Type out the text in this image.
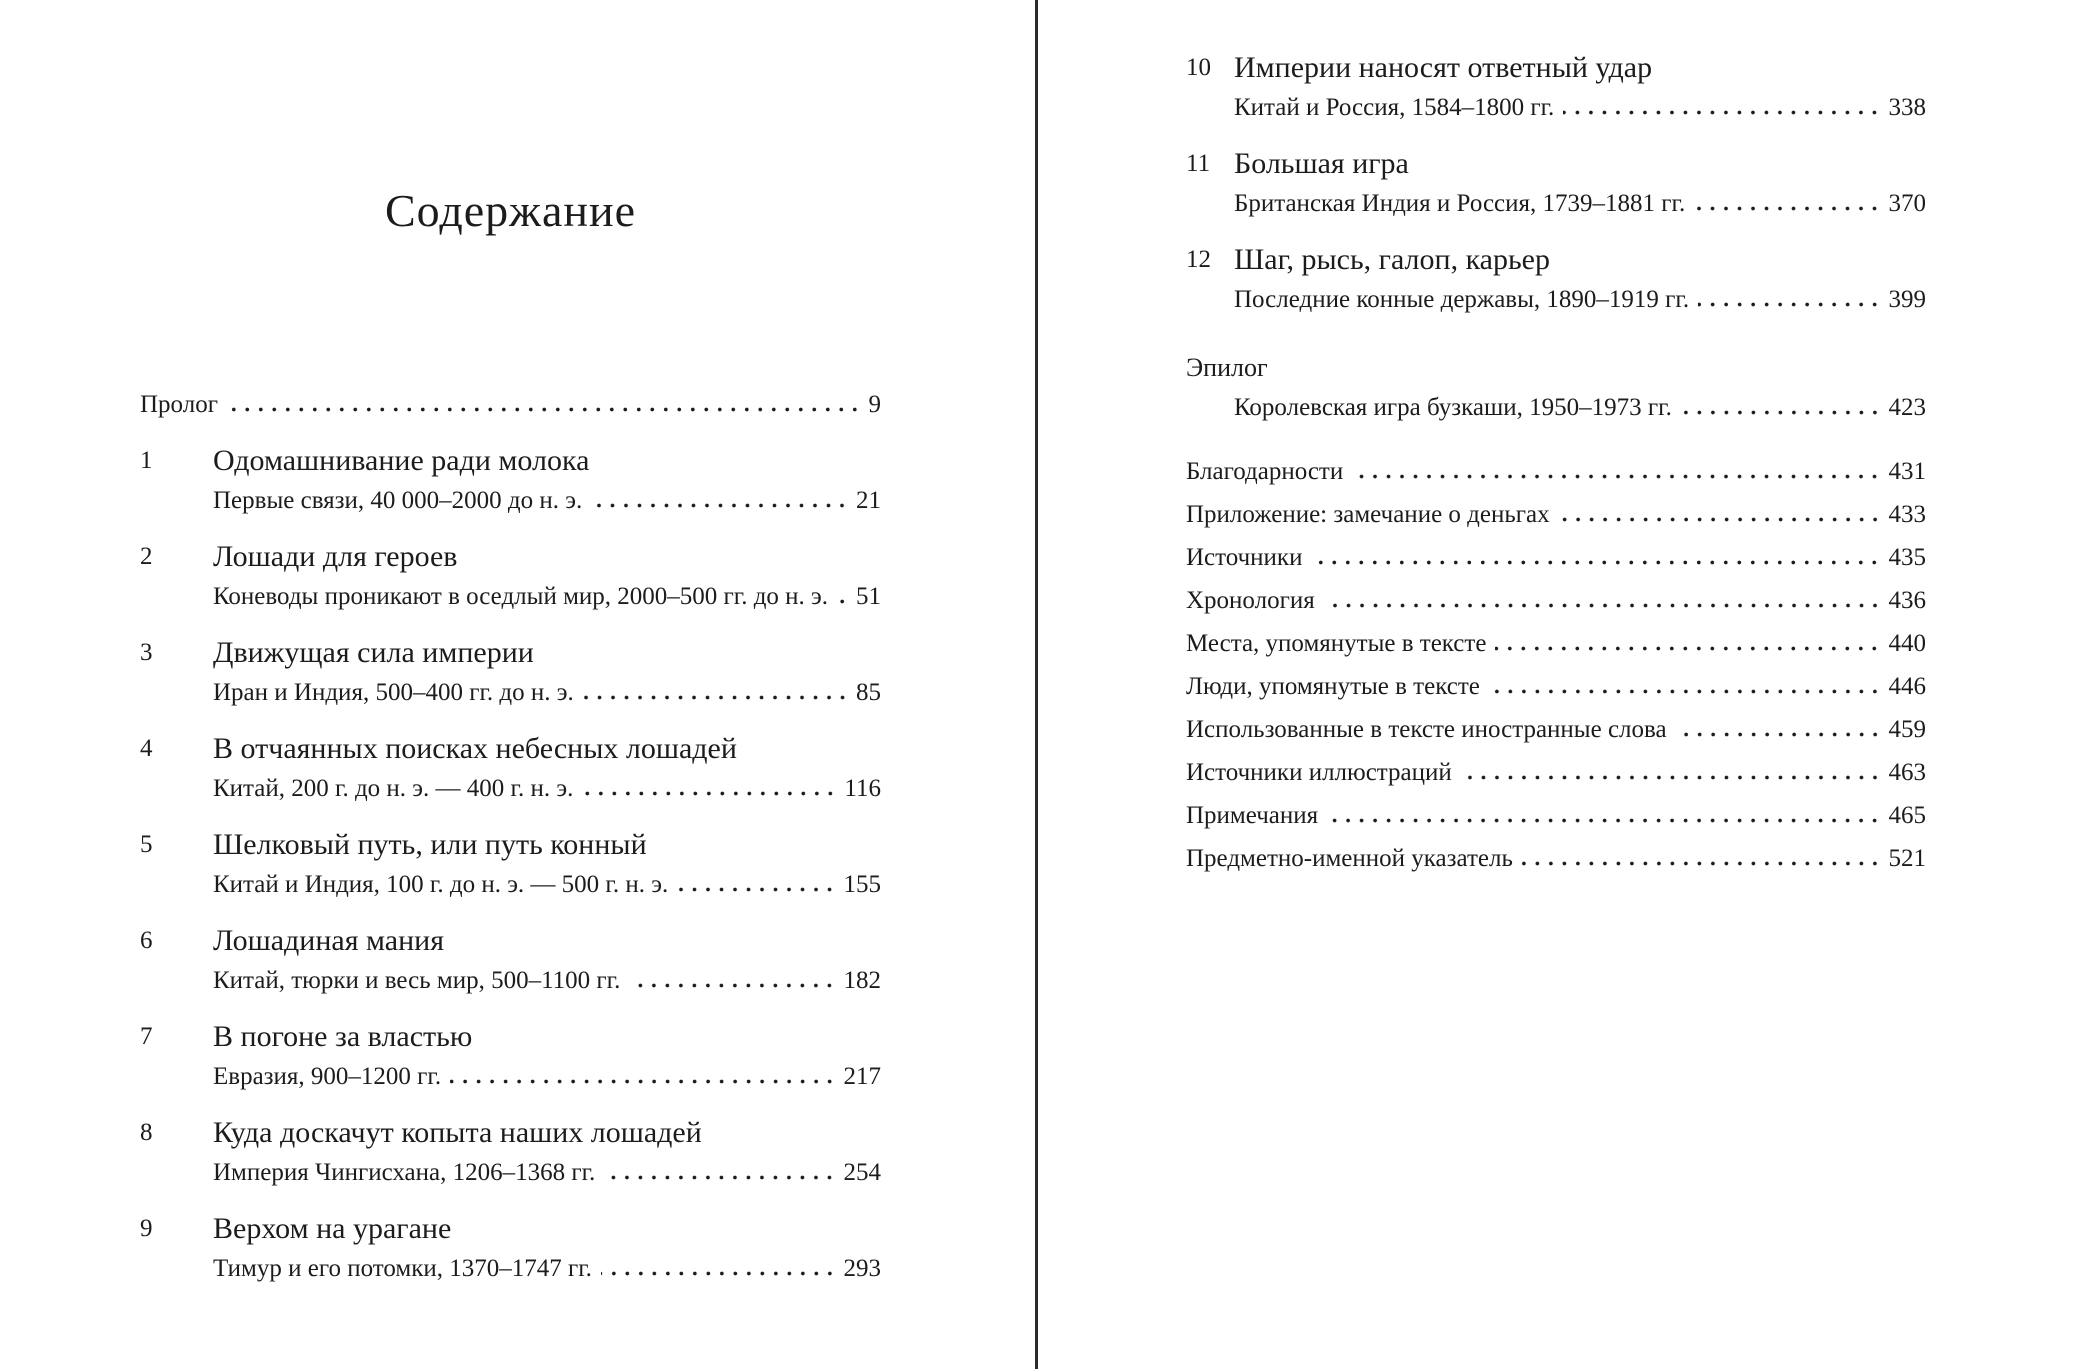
Содержание
Пролог	9
1	Одомашнивание ради молока
Первые связи, 40 000–2000 до н. э.	21
2	Лошади для героев
Коневоды проникают в оседлый мир, 2000–500 гг. до н. э. 51
3	Движущая сила империи
Иран и Индия, 500–400 гг. до н. э.	85
4	В отчаянных поисках небесных лошадей
Китай, 200 г. до н. э. — 400 г. н. э.	116
5	Шелковый путь, или путь конный
Китай и Индия, 100 г. до н. э. — 500 г. н. э.	155
6	Лошадиная мания
Китай, тюрки и весь мир, 500–1100 гг.	182
7	В погоне за властью
Евразия, 900–1200 гг.	217
8	Куда доскачут копыта наших лошадей
Империя Чингисхана, 1206–1368 гг.	254
9	Верхом на урагане
Тимур и его потомки, 1370–1747 гг.	293
10 Империи наносят ответный удар
Китай и Россия, 1584–1800 гг.	338
11 Большая игра
Британская Индия и Россия, 1739–1881 гг.	370
12 Шаг, рысь, галоп, карьер
Последние конные державы, 1890–1919 гг.	399
Эпилог
Королевская игра бузкаши, 1950–1973 гг.	423
Благодарности	431
Приложение: замечание о деньгах	433
Источники	435
Хронология	436
Места, упомянутые в тексте	440
Люди, упомянутые в тексте	446
Использованные в тексте иностранные слова	459
Источники иллюстраций	463
Примечания	465
Предметно-именной указатель	521
